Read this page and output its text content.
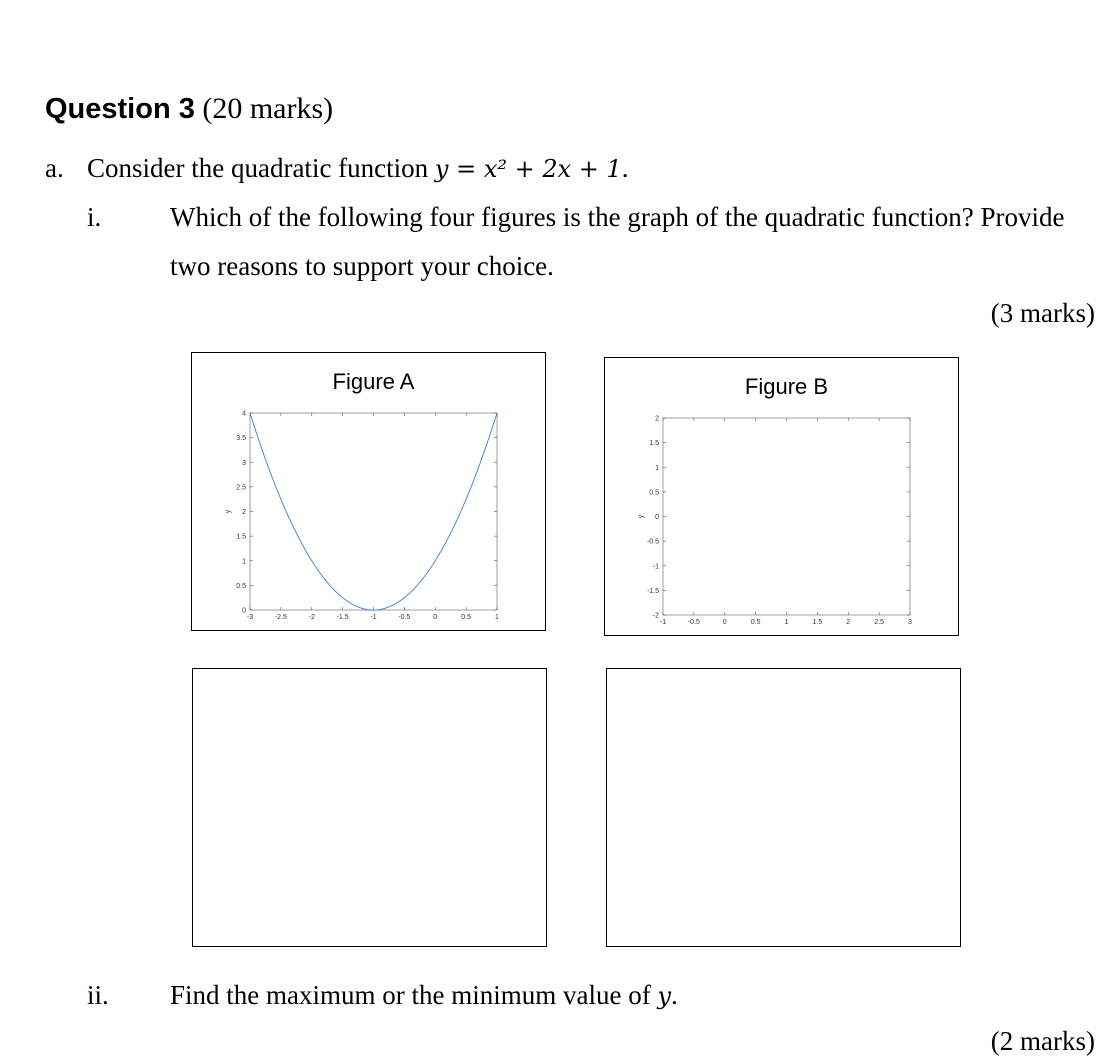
Question 3 (20 marks)
a. Consider the quadratic function y = x² + 2x + 1.
i.	Which of the following four figures is the graph of the quadratic function? Provide
two reasons to support your choice.
(3 marks)
Figure A
-3	-2.5	-2	-1.5	-1	-0.5	0	0.5	1
0
0.5
1
1.5
2
2.5
3
3.5
4
y
Figure B
-1	-0.5	0	0.5	1	1.5	2	2.5	3
-2
-1.5
-1
-0.5
0
0.5
1
1.5
2
y
ii. Find the maximum or the minimum value of y.
(2 marks)
